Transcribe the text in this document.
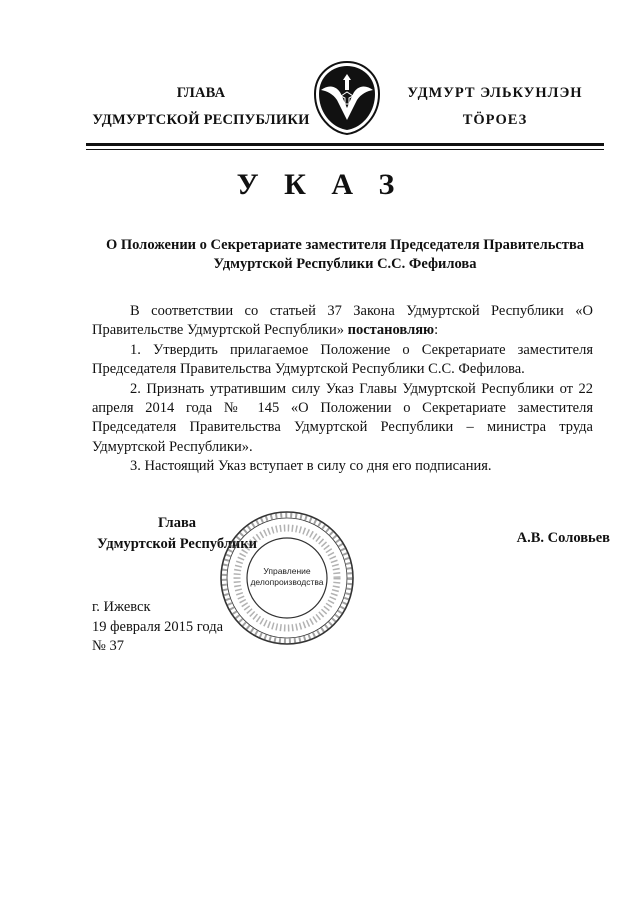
ГЛАВА
УДМУРТСКОЙ РЕСПУБЛИКИ
УДМУРТ ЭЛЬКУНЛЭН
ТӦРОЕЗ
У К А З
О Положении о Секретариате заместителя Председателя Правительства Удмуртской Республики С.С. Фефилова

В соответствии со статьей 37 Закона Удмуртской Республики «О Правительстве Удмуртской Республики» постановляю:

1. Утвердить прилагаемое Положение о Секретариате заместителя Председателя Правительства Удмуртской Республики С.С. Фефилова.

2. Признать утратившим силу Указ Главы Удмуртской Республики от 22 апреля 2014 года № 145 «О Положении о Секретариате заместителя Председателя Правительства Удмуртской Республики – министра труда Удмуртской Республики».

3. Настоящий Указ вступает в силу со дня его подписания.

Глава
Удмуртской Республики
Управление
делопроизводства
А.В. Соловьев
г. Ижевск
19 февраля 2015 года
№ 37
